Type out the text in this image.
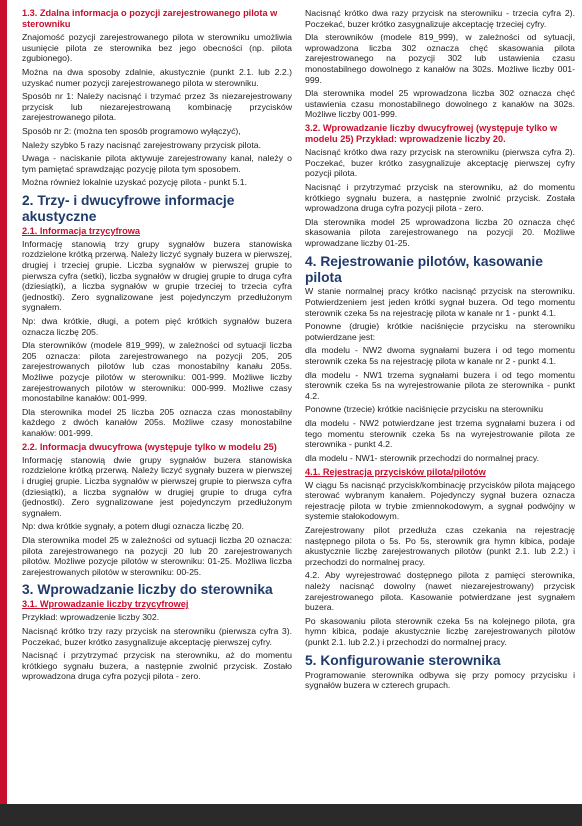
1.3. Zdalna informacja o pozycji zarejestrowanego pilota w sterowniku

Znajomość pozycji zarejestrowanego pilota w sterowniku umożliwia usunięcie pilota ze sterownika bez jego obecności (np. pilota zgubionego).

Można na dwa sposoby zdalnie, akustycznie (punkt 2.1. lub 2.2.) uzyskać numer pozycji zarejestrowanego pilota w sterowniku.

Sposób nr 1: Należy nacisnąć i trzymać przez 3s niezarejestrowany przycisk lub niezarejestrowaną kombinację przycisków zarejestrowanego pilota.

Sposób nr 2: (można ten sposób programowo wyłączyć),

Należy szybko 5 razy nacisnąć zarejestrowany przycisk pilota.

Uwaga - naciskanie pilota aktywuje zarejestrowany kanał, należy o tym pamiętać sprawdzając pozycję pilota tym sposobem.

Można również lokalnie uzyskać pozycję pilota - punkt 5.1.

2. Trzy- i dwucyfrowe informacje akustyczne
2.1. Informacja trzycyfrowa

Informację stanowią trzy grupy sygnałów buzera stanowiska rozdzielone krótką przerwą. Należy liczyć sygnały buzera w pierwszej, drugiej i trzeciej grupie. Liczba sygnałów w pierwszej grupie to pierwsza cyfra (setki), liczba sygnałów w drugiej grupie to druga cyfra (dziesiątki), a liczba sygnałów w grupie trzeciej to trzecia cyfra (jednostki). Zero sygnalizowane jest pojedynczym przedłużonym sygnałem.

Np: dwa krótkie, długi, a potem pięć krótkich sygnałów buzera oznacza liczbę 205.

Dla sterowników (modele 819_999), w zależności od sytuacji liczba 205 oznacza: pilota zarejestrowanego na pozycji 205, 205 zarejestrowanych pilotów lub czas monostabilny kanału 205s. Możliwe pozycje pilotów w sterowniku: 001-999. Możliwe liczby zarejestrowanych pilotów w sterowniku: 000-999. Możliwe czasy monostabilne kanałów: 001-999.

Dla sterownika model 25 liczba 205 oznacza czas monostabilny każdego z dwóch kanałów 205s. Możliwe czasy monostabilne kanałów: 001-999.

2.2. Informacja dwucyfrowa (występuje tylko w modelu 25)

Informację stanowią dwie grupy sygnałów buzera stanowiska rozdzielone krótką przerwą. Należy liczyć sygnały buzera w pierwszej i drugiej grupie. Liczba sygnałów w pierwszej grupie to pierwsza cyfra (dziesiątki), a liczba sygnałów w drugiej grupie to druga cyfra (jednostki). Zero sygnalizowane jest pojedynczym przedłużonym sygnałem.

Np: dwa krótkie sygnały, a potem długi oznacza liczbę 20.

Dla sterownika model 25 w zależności od sytuacji liczba 20 oznacza: pilota zarejestrowanego na pozycji 20 lub 20 zarejestrowanych pilotów. Możliwe pozycje pilotów w sterowniku: 01-25. Możliwa liczba zarejestrowanych pilotów w sterowniku: 00-25.

3. Wprowadzanie liczby do sterownika
3.1. Wprowadzanie liczby trzycyfrowej

Przykład: wprowadzenie liczby 302.

Nacisnąć krótko trzy razy przycisk na sterowniku (pierwsza cyfra 3). Poczekać, buzer krótko zasygnalizuje akceptację pierwszej cyfry.

Nacisnąć i przytrzymać przycisk na sterowniku, aż do momentu krótkiego sygnału buzera, a następnie zwolnić przycisk. Zostało wprowadzona druga cyfra pozycji pilota - zero.

Nacisnąć krótko dwa razy przycisk na sterowniku - trzecia cyfra 2). Poczekać, buzer krótko zasygnalizuje akceptację trzeciej cyfry.

Dla sterowników (modele 819_999), w zależności od sytuacji, wprowadzona liczba 302 oznacza chęć skasowania pilota zarejestrowanego na pozycji 302 lub ustawienia czasu monostabilnego dowolnego z kanałów na 302s. Możliwe liczby 001-999.

Dla sterownika model 25 wprowadzona liczba 302 oznacza chęć ustawienia czasu monostabilnego dowolnego z kanałów na 302s. Możliwe liczby 001-999.

3.2. Wprowadzanie liczby dwucyfrowej (występuje tylko w modelu 25) Przykład: wprowadzenie liczby 20.

Nacisnąć krótko dwa razy przycisk na sterowniku (pierwsza cyfra 2). Poczekać, buzer krótko zasygnalizuje akceptację pierwszej cyfry pozycji pilota.

Nacisnąć i przytrzymać przycisk na sterowniku, aż do momentu krótkiego sygnału buzera, a następnie zwolnić przycisk. Została wprowadzona druga cyfra pozycji pilota - zero.

Dla sterownika model 25 wprowadzona liczba 20 oznacza chęć skasowania pilota zarejestrowanego na pozycji 20. Możliwe wprowadzane liczby 01-25.

4. Rejestrowanie pilotów, kasowanie pilota

W stanie normalnej pracy krótko nacisnąć przycisk na sterowniku. Potwierdzeniem jest jeden krótki sygnał buzera. Od tego momentu sterownik czeka 5s na rejestrację pilota w kanale nr 1 - punkt 4.1.

Ponowne (drugie) krótkie naciśnięcie przycisku na sterowniku potwierdzane jest:

dla modelu - NW2 dwoma sygnałami buzera i od tego momentu sterownik czeka 5s na rejestrację pilota w kanale nr 2 - punkt 4.1.

dla modelu - NW1 trzema sygnałami buzera i od tego momentu sterownik czeka 5s na wyrejestrowanie pilota ze sterownika - punkt 4.2.

Ponowne (trzecie) krótkie naciśnięcie przycisku na sterowniku

dla modelu - NW2 potwierdzane jest trzema sygnałami buzera i od tego momentu sterownik czeka 5s na wyrejestrowanie pilota ze sterownika - punkt 4.2.

dla modelu - NW1- sterownik przechodzi do normalnej pracy.

4.1. Rejestracja przycisków pilota/pilotów

W ciągu 5s nacisnąć przycisk/kombinację przycisków pilota mającego sterować wybranym kanałem. Pojedynczy sygnał buzera oznacza rejestrację pilota w trybie zmiennokodowym, a sygnał podwójny w systemie stałokodowym.

Zarejestrowany pilot przedłuża czas czekania na rejestrację następnego pilota o 5s. Po 5s, sterownik gra hymn kibica, podaje akustycznie liczbę zarejestrowanych pilotów (punkt 2.1. lub 2.2.) i przechodzi do normalnej pracy.

4.2. Aby wyrejestrować dostępnego pilota z pamięci sterownika, należy nacisnąć dowolny (nawet niezarejestrowany) przycisk zarejestrowanego pilota. Kasowanie potwierdzane jest sygnałem buzera.

Po skasowaniu pilota sterownik czeka 5s na kolejnego pilota, gra hymn kibica, podaje akustycznie liczbę zarejestrowanych pilotów (punkt 2.1. lub 2.2.) i przechodzi do normalnej pracy.

5. Konfigurowanie sterownika

Programowanie sterownika odbywa się przy pomocy przycisku i sygnałów buzera w czterech grupach.
